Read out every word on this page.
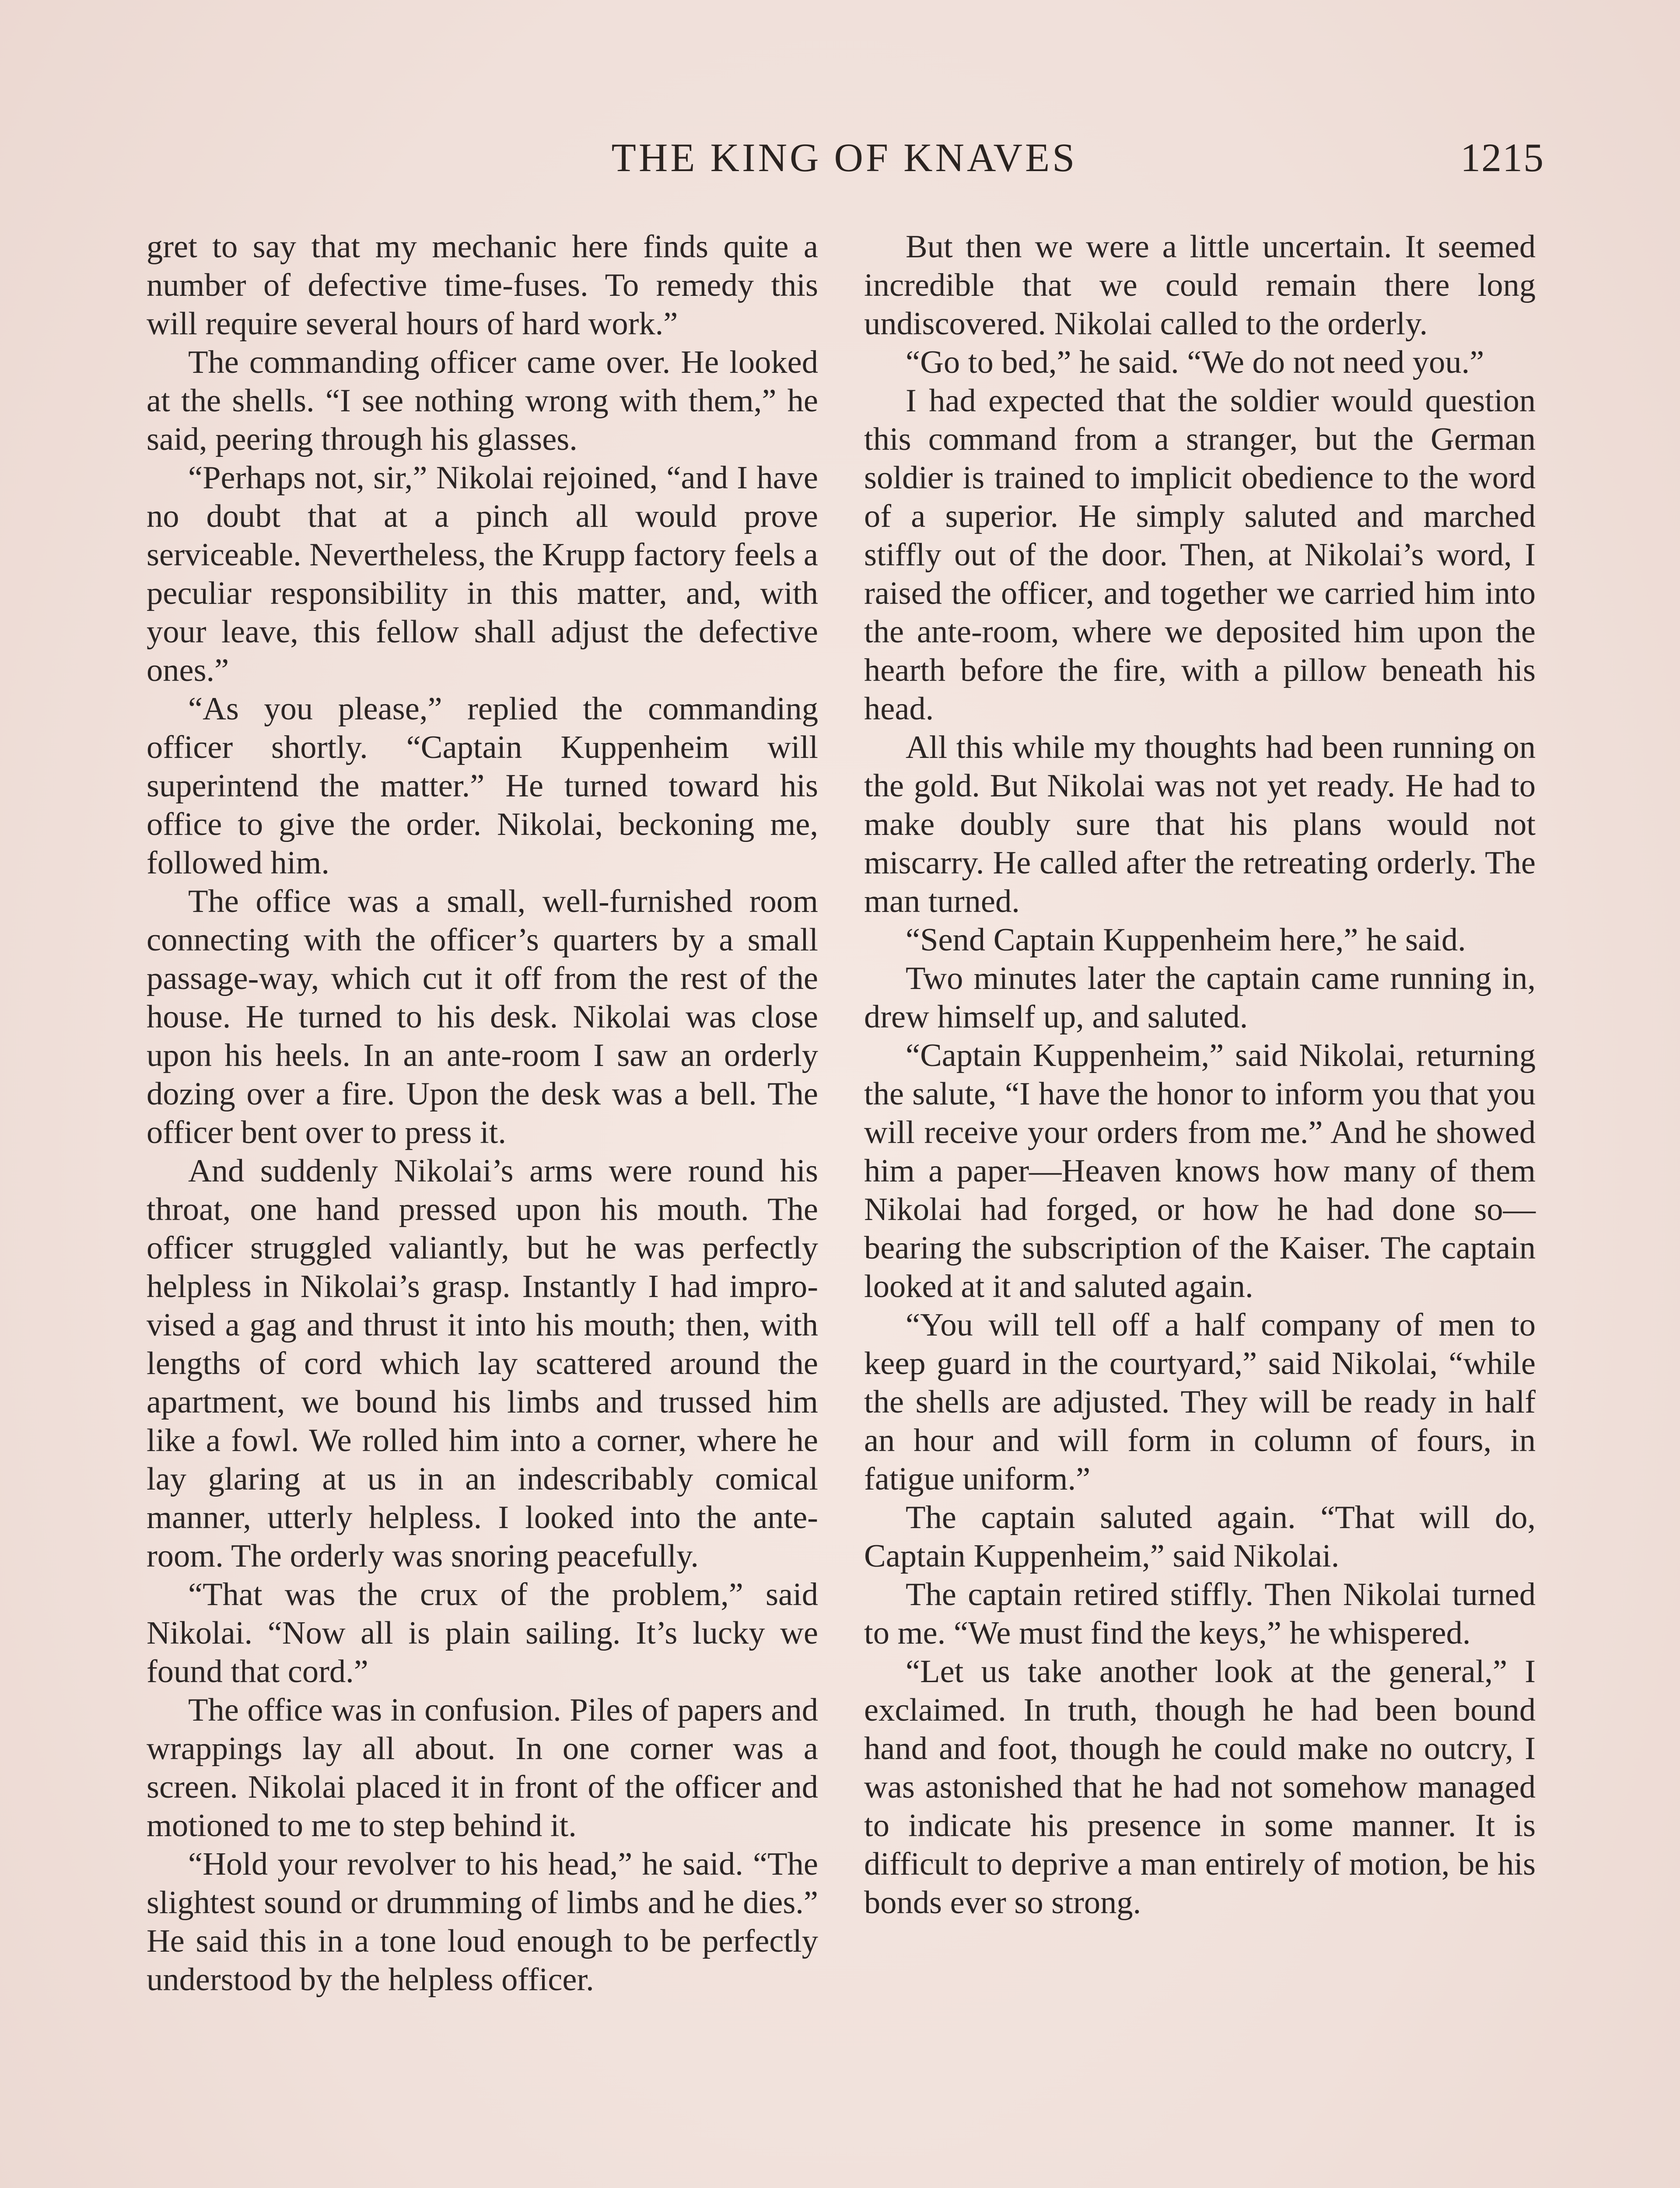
THE KING OF KNAVES	1215

gret to say that my mechanic here finds quite a number of defective time-fuses. To remedy this will require several hours of hard work.”

The commanding officer came over. He looked at the shells. “I see nothing wrong with them,” he said, peering through his glasses.

“Perhaps not, sir,” Nikolai rejoined, “and I have no doubt that at a pinch all would prove serviceable. Nevertheless, the Krupp factory feels a peculiar responsibility in this matter, and, with your leave, this fellow shall adjust the defective ones.”

“As you please,” replied the commanding officer shortly. “Captain Kuppenheim will superintend the matter.” He turned toward his office to give the order. Nikolai, beckoning me, followed him.

The office was a small, well-furnished room connecting with the officer’s quarters by a small passage-way, which cut it off from the rest of the house. He turned to his desk. Nikolai was close upon his heels. In an ante-room I saw an orderly dozing over a fire. Upon the desk was a bell. The officer bent over to press it.

And suddenly Nikolai’s arms were round his throat, one hand pressed upon his mouth. The officer struggled valiantly, but he was perfectly helpless in Nikolai’s grasp. Instantly I had improvised a gag and thrust it into his mouth; then, with lengths of cord which lay scattered around the apartment, we bound his limbs and trussed him like a fowl. We rolled him into a corner, where he lay glaring at us in an indescribably comical manner, utterly helpless. I looked into the ante-room. The orderly was snoring peacefully.

“That was the crux of the problem,” said Nikolai. “Now all is plain sailing. It’s lucky we found that cord.”

The office was in confusion. Piles of papers and wrappings lay all about. In one corner was a screen. Nikolai placed it in front of the officer and motioned to me to step behind it.

“Hold your revolver to his head,” he said. “The slightest sound or drumming of limbs and he dies.” He said this in a tone loud enough to be perfectly understood by the helpless officer.

But then we were a little uncertain. It seemed incredible that we could remain there long undiscovered. Nikolai called to the orderly.

“Go to bed,” he said. “We do not need you.”

I had expected that the soldier would question this command from a stranger, but the German soldier is trained to implicit obedience to the word of a superior. He simply saluted and marched stiffly out of the door. Then, at Nikolai’s word, I raised the officer, and together we carried him into the ante-room, where we deposited him upon the hearth before the fire, with a pillow beneath his head.

All this while my thoughts had been running on the gold. But Nikolai was not yet ready. He had to make doubly sure that his plans would not miscarry. He called after the retreating orderly. The man turned.

“Send Captain Kuppenheim here,” he said.

Two minutes later the captain came running in, drew himself up, and saluted.

“Captain Kuppenheim,” said Nikolai, returning the salute, “I have the honor to inform you that you will receive your orders from me.” And he showed him a paper—Heaven knows how many of them Nikolai had forged, or how he had done so—bearing the subscription of the Kaiser. The captain looked at it and saluted again.

“You will tell off a half company of men to keep guard in the courtyard,” said Nikolai, “while the shells are adjusted. They will be ready in half an hour and will form in column of fours, in fatigue uniform.”

The captain saluted again. “That will do, Captain Kuppenheim,” said Nikolai.

The captain retired stiffly. Then Nikolai turned to me. “We must find the keys,” he whispered.

“Let us take another look at the general,” I exclaimed. In truth, though he had been bound hand and foot, though he could make no outcry, I was astonished that he had not somehow managed to indicate his presence in some manner. It is difficult to deprive a man entirely of motion, be his bonds ever so strong.
